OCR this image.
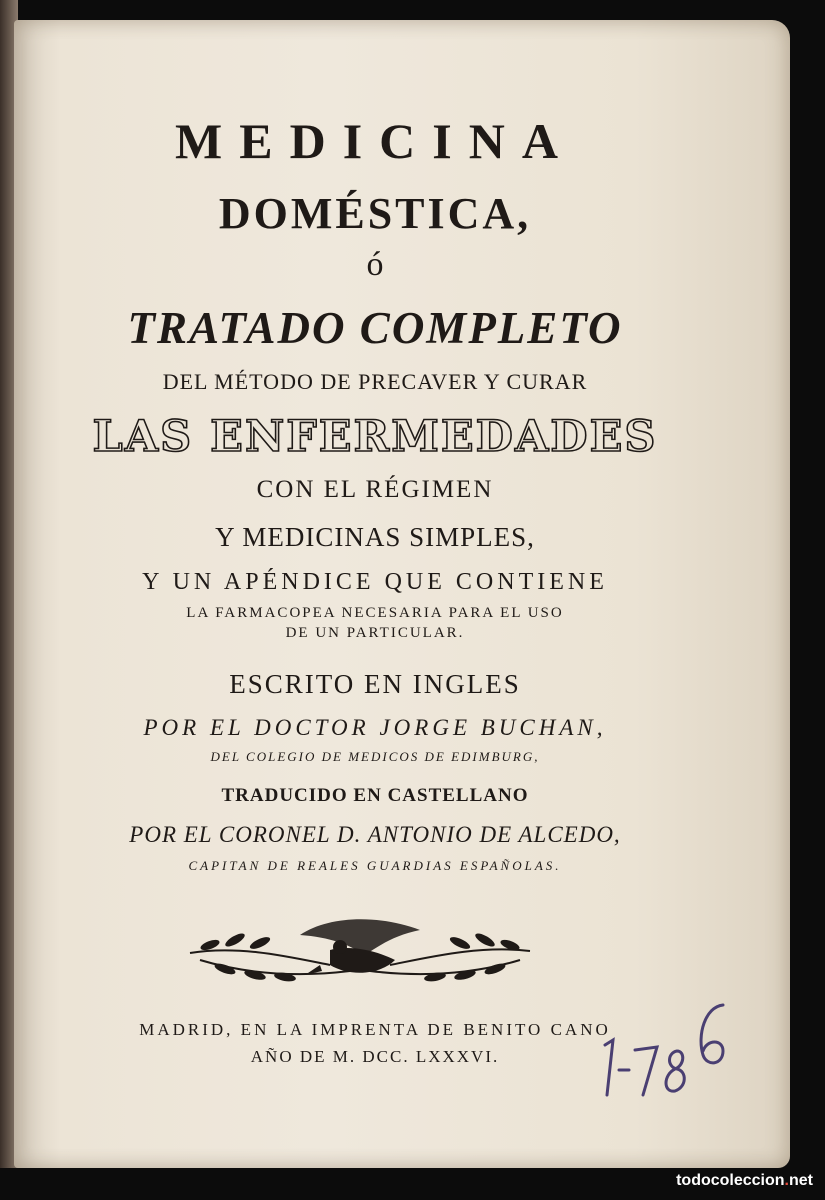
MEDICINA
DOMÉSTICA,
ó
TRATADO COMPLETO
DEL MÉTODO DE PRECAVER Y CURAR
LAS ENFERMEDADES
CON EL RÉGIMEN
Y MEDICINAS SIMPLES,
Y UN APÉNDICE QUE CONTIENE
LA FARMACOPEA NECESARIA PARA EL USO
DE UN PARTICULAR.
ESCRITO EN INGLES
POR EL DOCTOR JORGE BUCHAN,
DEL COLEGIO DE MEDICOS DE EDIMBURG,
TRADUCIDO EN CASTELLANO
POR EL CORONEL D. ANTONIO DE ALCEDO,
CAPITAN DE REALES GUARDIAS ESPAÑOLAS.
MADRID, EN LA IMPRENTA DE BENITO CANO
AÑO DE M. DCC. LXXXVI.
todocoleccion.net
